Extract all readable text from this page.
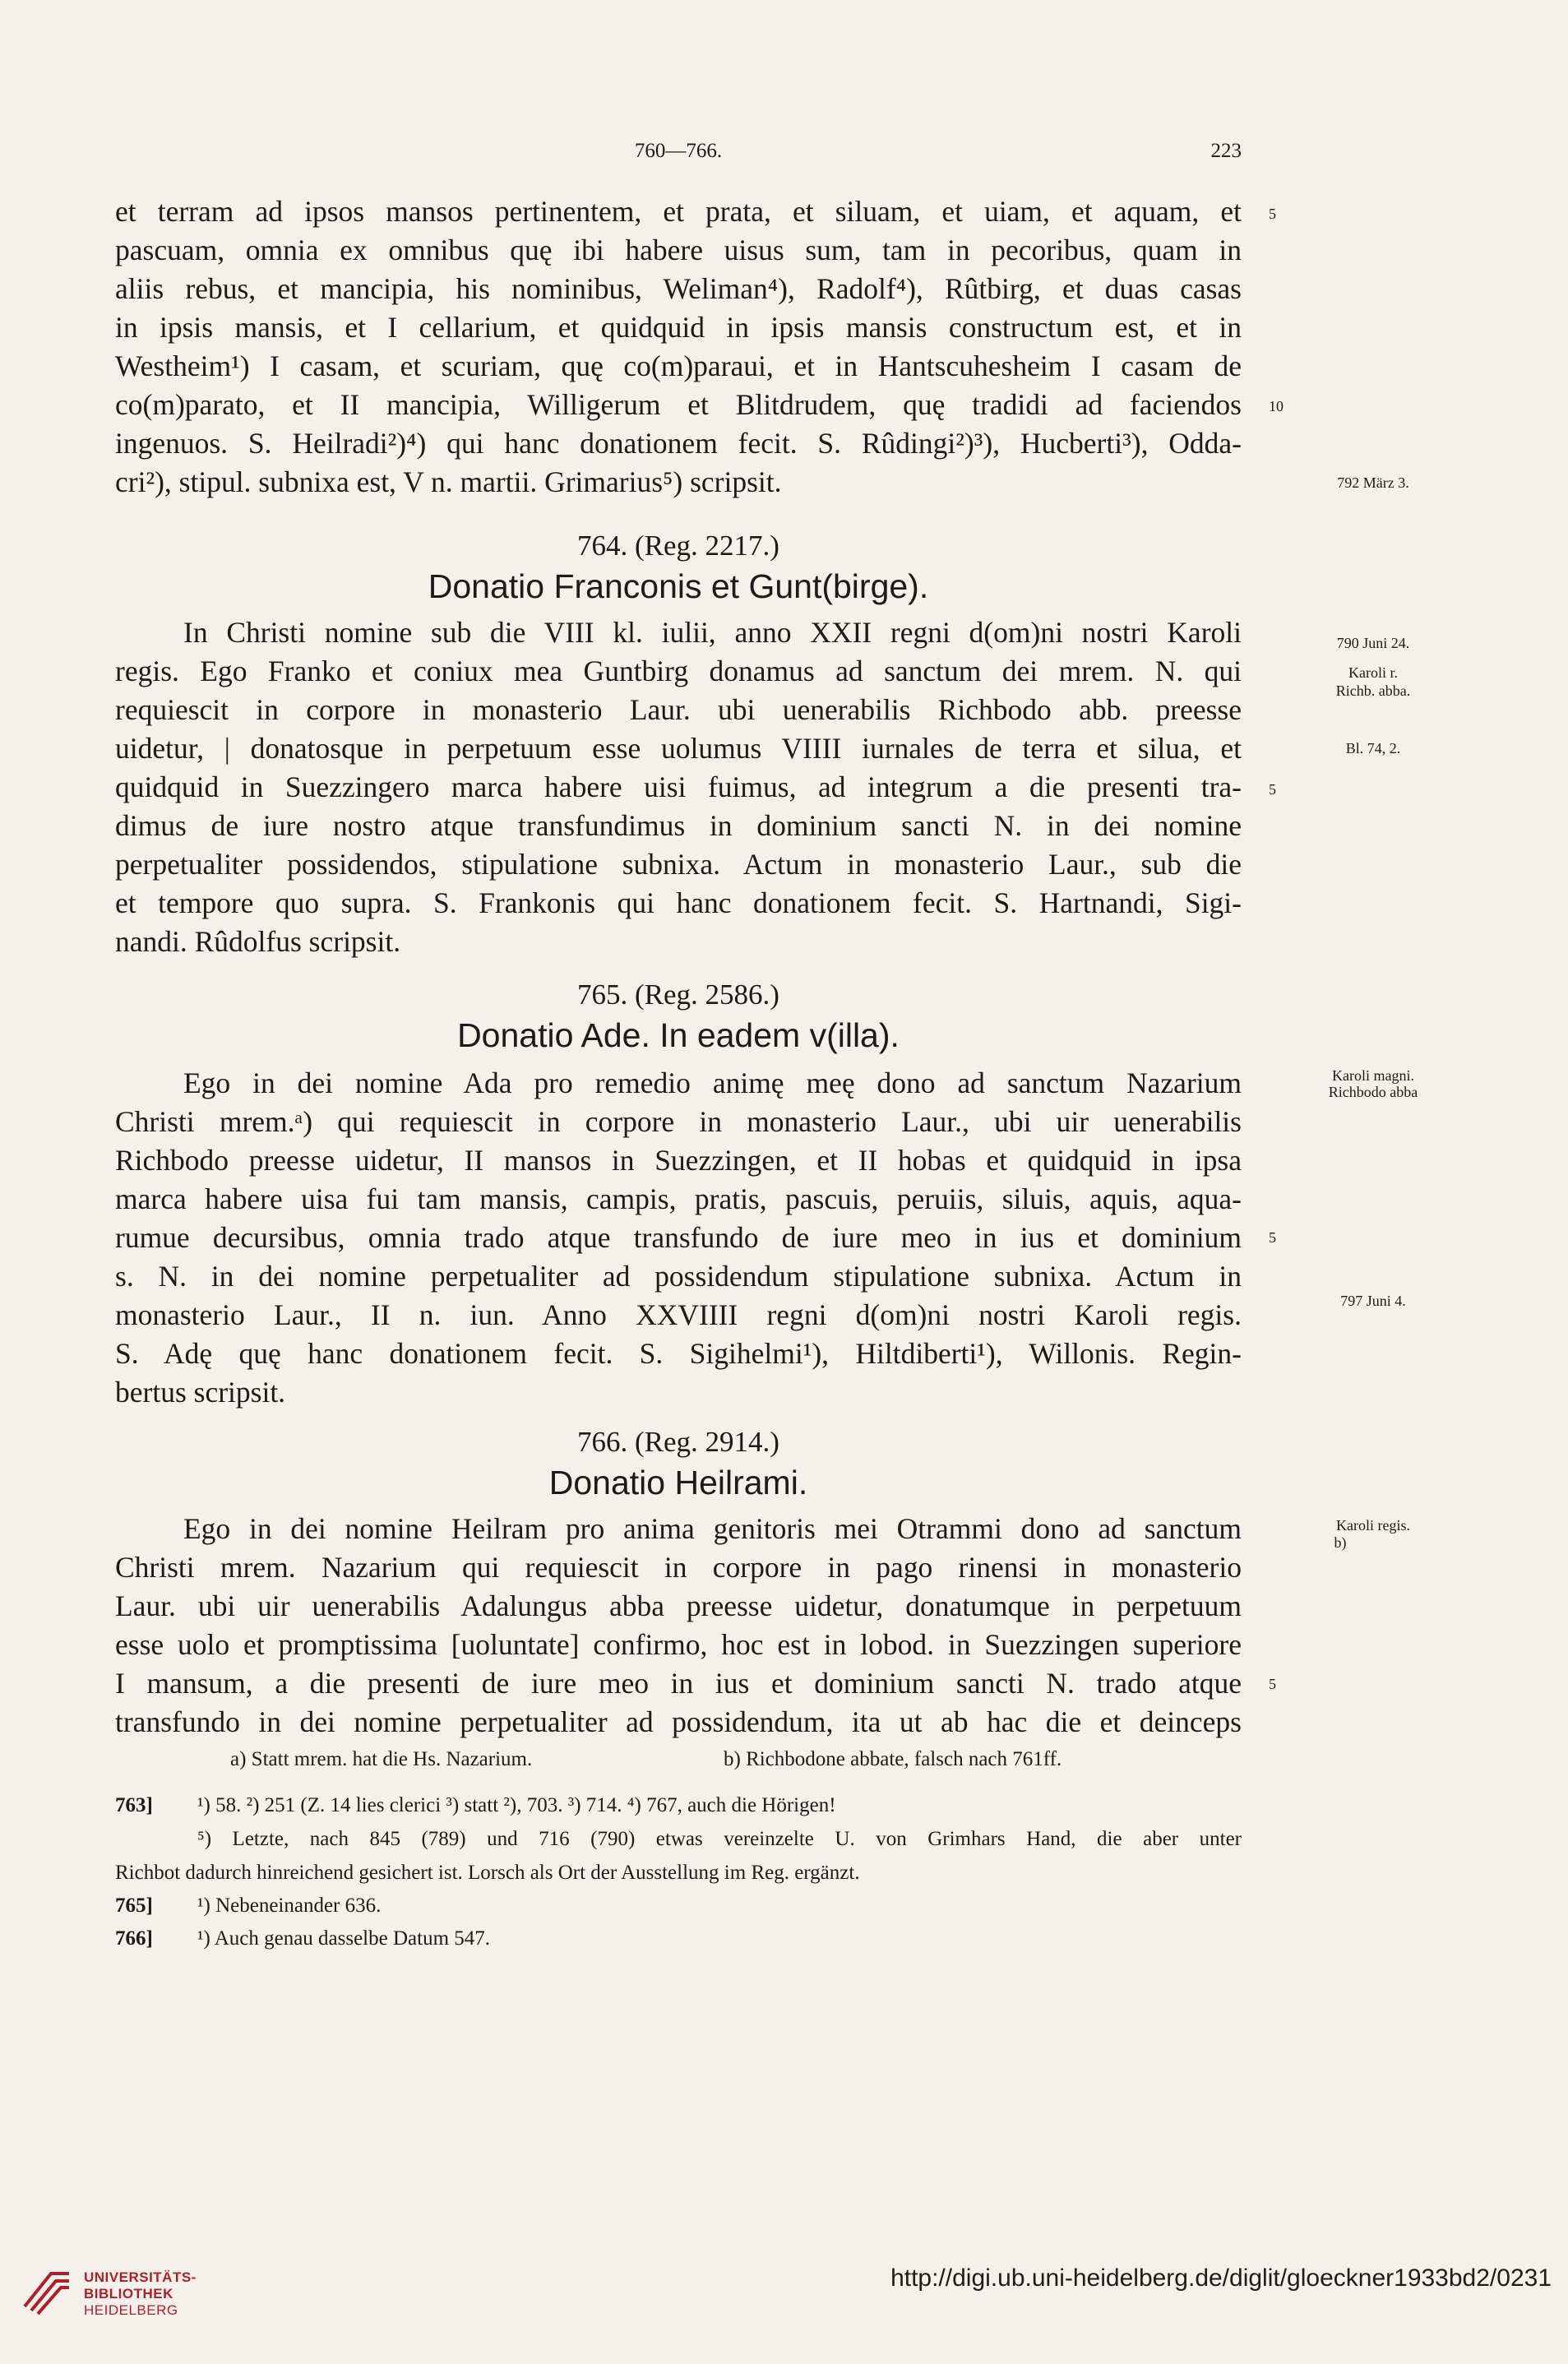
760—766.	223
et terram ad ipsos mansos pertinentem, et prata, et siluam, et uiam, et aquam, et
pascuam, omnia ex omnibus quę ibi habere uisus sum, tam in pecoribus, quam in
aliis rebus, et mancipia, his nominibus, Weliman⁴), Radolf⁴), Rûtbirg, et duas casas
in ipsis mansis, et I cellarium, et quidquid in ipsis mansis constructum est, et in
Westheim¹) I casam, et scuriam, quę co(m)paraui, et in Hantscuhesheim I casam de
co(m)parato, et II mancipia, Willigerum et Blitdrudem, quę tradidi ad faciendos
ingenuos. S. Heilradi²)⁴) qui hanc donationem fecit. S. Rûdingi²)³), Hucberti³), Odda-
cri²), stipul. subnixa est, V n. martii. Grimarius⁵) scripsit.
5
10
792 März 3.
764. (Reg. 2217.)
Donatio Franconis et Gunt(birge).
In Christi nomine sub die VIII kl. iulii, anno XXII regni d(om)ni nostri Karoli
regis. Ego Franko et coniux mea Guntbirg donamus ad sanctum dei mrem. N. qui
requiescit in corpore in monasterio Laur. ubi uenerabilis Richbodo abb. preesse
uidetur, | donatosque in perpetuum esse uolumus VIIII iurnales de terra et silua, et
quidquid in Suezzingero marca habere uisi fuimus, ad integrum a die presenti tra-
dimus de iure nostro atque transfundimus in dominium sancti N. in dei nomine
perpetualiter possidendos, stipulatione subnixa. Actum in monasterio Laur., sub die
et tempore quo supra. S. Frankonis qui hanc donationem fecit. S. Hartnandi, Sigi-
nandi. Rûdolfus scripsit.
5
790 Juni 24.
Karoli r.
Richb. abba.
Bl. 74, 2.
765. (Reg. 2586.)
Donatio Ade. In eadem v(illa).
Ego in dei nomine Ada pro remedio animę meę dono ad sanctum Nazarium
Christi mrem.ᵃ) qui requiescit in corpore in monasterio Laur., ubi uir uenerabilis
Richbodo preesse uidetur, II mansos in Suezzingen, et II hobas et quidquid in ipsa
marca habere uisa fui tam mansis, campis, pratis, pascuis, peruiis, siluis, aquis, aqua-
rumue decursibus, omnia trado atque transfundo de iure meo in ius et dominium
s. N. in dei nomine perpetualiter ad possidendum stipulatione subnixa. Actum in
monasterio Laur., II n. iun. Anno XXVIIII regni d(om)ni nostri Karoli regis.
S. Adę quę hanc donationem fecit. S. Sigihelmi¹), Hiltdiberti¹), Willonis. Regin-
bertus scripsit.
5
Karoli magni.
Richbodo abba
797 Juni 4.
766. (Reg. 2914.)
Donatio Heilrami.
Ego in dei nomine Heilram pro anima genitoris mei Otrammi dono ad sanctum
Christi mrem. Nazarium qui requiescit in corpore in pago rinensi in monasterio
Laur. ubi uir uenerabilis Adalungus abba preesse uidetur, donatumque in perpetuum
esse uolo et promptissima [uoluntate] confirmo, hoc est in lobod. in Suezzingen superiore
I mansum, a die presenti de iure meo in ius et dominium sancti N. trado atque
transfundo in dei nomine perpetualiter ad possidendum, ita ut ab hac die et deinceps
5
Karoli regis.
b)
a) Statt mrem. hat die Hs. Nazarium.	b) Richbodone abbate, falsch nach 761ff.
763]	¹) 58. ²) 251 (Z. 14 lies clerici ³) statt ²), 703. ³) 714. ⁴) 767, auch die Hörigen!
⁵) Letzte, nach 845 (789) und 716 (790) etwas vereinzelte U. von Grimhars Hand, die aber unter
Richbot dadurch hinreichend gesichert ist. Lorsch als Ort der Ausstellung im Reg. ergänzt.
765]	¹) Nebeneinander 636.
766]	¹) Auch genau dasselbe Datum 547.
UNIVERSITÄTS-
BIBLIOTHEK
HEIDELBERG
http://digi.ub.uni-heidelberg.de/diglit/gloeckner1933bd2/0231
